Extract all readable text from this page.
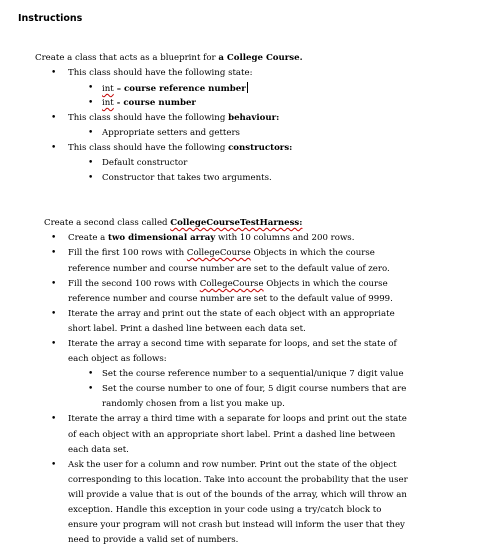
Instructions
Create a class that acts as a blueprint for a College Course.
• This class should have the following state:
• int – course reference number
• int - course number
• This class should have the following behaviour:
• Appropriate setters and getters
• This class should have the following constructors:
• Default constructor
• Constructor that takes two arguments.
Create a second class called CollegeCourseTestHarness:
• Create a two dimensional array with 10 columns and 200 rows.
• Fill the first 100 rows with CollegeCourse Objects in which the course
reference number and course number are set to the default value of zero.
• Fill the second 100 rows with CollegeCourse Objects in which the course
reference number and course number are set to the default value of 9999.
• Iterate the array and print out the state of each object with an appropriate
short label. Print a dashed line between each data set.
• Iterate the array a second time with separate for loops, and set the state of
each object as follows:
• Set the course reference number to a sequential/unique 7 digit value
• Set the course number to one of four, 5 digit course numbers that are
randomly chosen from a list you make up.
• Iterate the array a third time with a separate for loops and print out the state
of each object with an appropriate short label. Print a dashed line between
each data set.
• Ask the user for a column and row number. Print out the state of the object
corresponding to this location. Take into account the probability that the user
will provide a value that is out of the bounds of the array, which will throw an
exception. Handle this exception in your code using a try/catch block to
ensure your program will not crash but instead will inform the user that they
need to provide a valid set of numbers.
